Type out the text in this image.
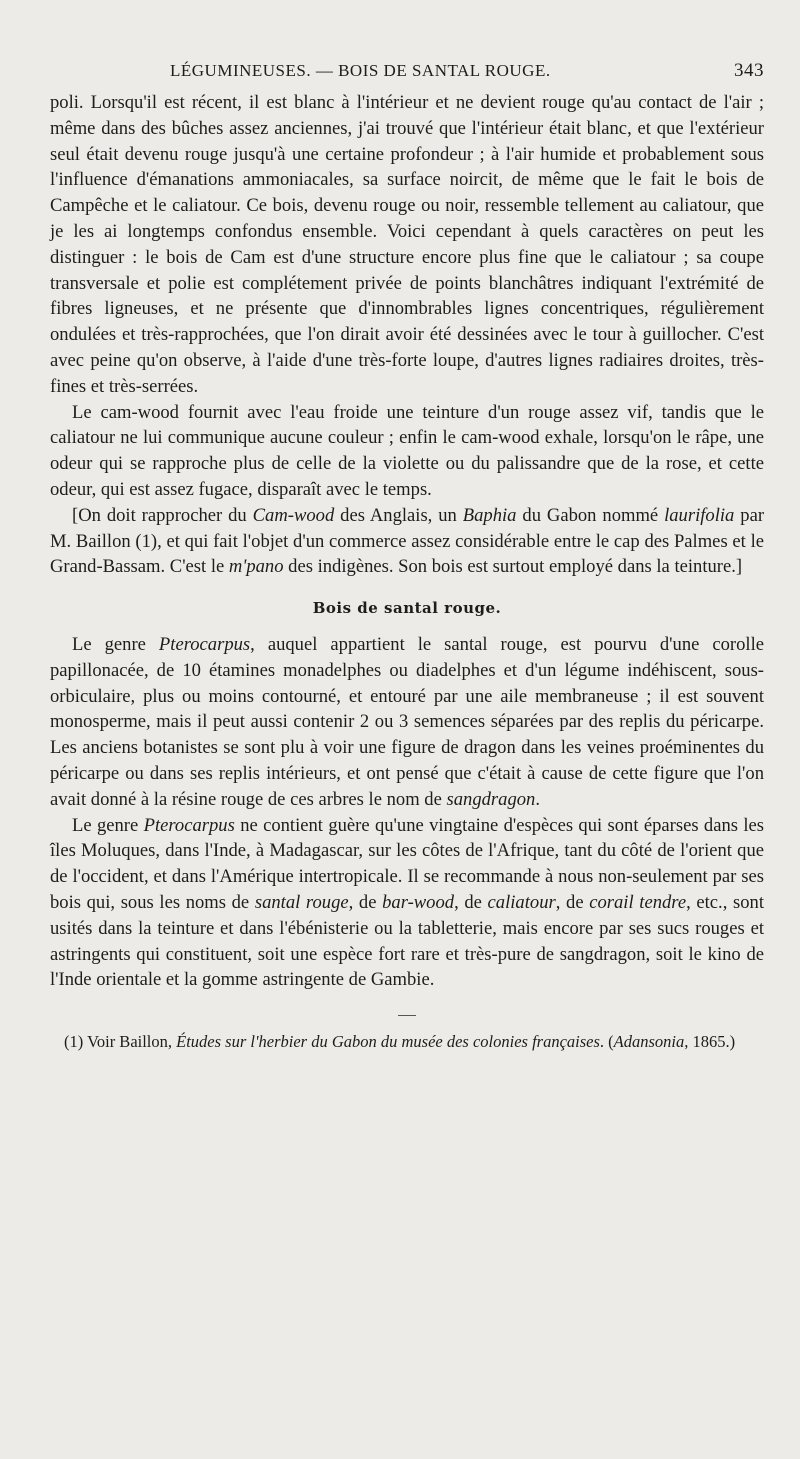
LÉGUMINEUSES. — BOIS DE SANTAL ROUGE.	343

poli. Lorsqu'il est récent, il est blanc à l'intérieur et ne devient rouge qu'au contact de l'air ; même dans des bûches assez anciennes, j'ai trouvé que l'intérieur était blanc, et que l'extérieur seul était devenu rouge jusqu'à une certaine profondeur ; à l'air humide et probablement sous l'influence d'émanations ammoniacales, sa surface noircit, de même que le fait le bois de Campêche et le caliatour. Ce bois, devenu rouge ou noir, ressemble tellement au caliatour, que je les ai longtemps confondus ensemble. Voici cependant à quels caractères on peut les distinguer : le bois de Cam est d'une structure encore plus fine que le caliatour ; sa coupe transversale et polie est complétement privée de points blanchâtres indiquant l'extrémité de fibres ligneuses, et ne présente que d'innombrables lignes concentriques, régulièrement ondulées et très-rapprochées, que l'on dirait avoir été dessinées avec le tour à guillocher. C'est avec peine qu'on observe, à l'aide d'une très-forte loupe, d'autres lignes radiaires droites, très-fines et très-serrées.

Le cam-wood fournit avec l'eau froide une teinture d'un rouge assez vif, tandis que le caliatour ne lui communique aucune couleur ; enfin le cam-wood exhale, lorsqu'on le râpe, une odeur qui se rapproche plus de celle de la violette ou du palissandre que de la rose, et cette odeur, qui est assez fugace, disparaît avec le temps.

[On doit rapprocher du Cam-wood des Anglais, un Baphia du Gabon nommé laurifolia par M. Baillon (1), et qui fait l'objet d'un commerce assez considérable entre le cap des Palmes et le Grand-Bassam. C'est le m'pano des indigènes. Son bois est surtout employé dans la teinture.]

Bois de santal rouge.

Le genre Pterocarpus, auquel appartient le santal rouge, est pourvu d'une corolle papillonacée, de 10 étamines monadelphes ou diadelphes et d'un légume indéhiscent, sous-orbiculaire, plus ou moins contourné, et entouré par une aile membraneuse ; il est souvent monosperme, mais il peut aussi contenir 2 ou 3 semences séparées par des replis du péricarpe. Les anciens botanistes se sont plu à voir une figure de dragon dans les veines proéminentes du péricarpe ou dans ses replis intérieurs, et ont pensé que c'était à cause de cette figure que l'on avait donné à la résine rouge de ces arbres le nom de sangdragon.

Le genre Pterocarpus ne contient guère qu'une vingtaine d'espèces qui sont éparses dans les îles Moluques, dans l'Inde, à Madagascar, sur les côtes de l'Afrique, tant du côté de l'orient que de l'occident, et dans l'Amérique intertropicale. Il se recommande à nous non-seulement par ses bois qui, sous les noms de santal rouge, de bar-wood, de caliatour, de corail tendre, etc., sont usités dans la teinture et dans l'ébénisterie ou la tabletterie, mais encore par ses sucs rouges et astringents qui constituent, soit une espèce fort rare et très-pure de sangdragon, soit le kino de l'Inde orientale et la gomme astringente de Gambie.

(1) Voir Baillon, Études sur l'herbier du Gabon du musée des colonies françaises. (Adansonia, 1865.)
